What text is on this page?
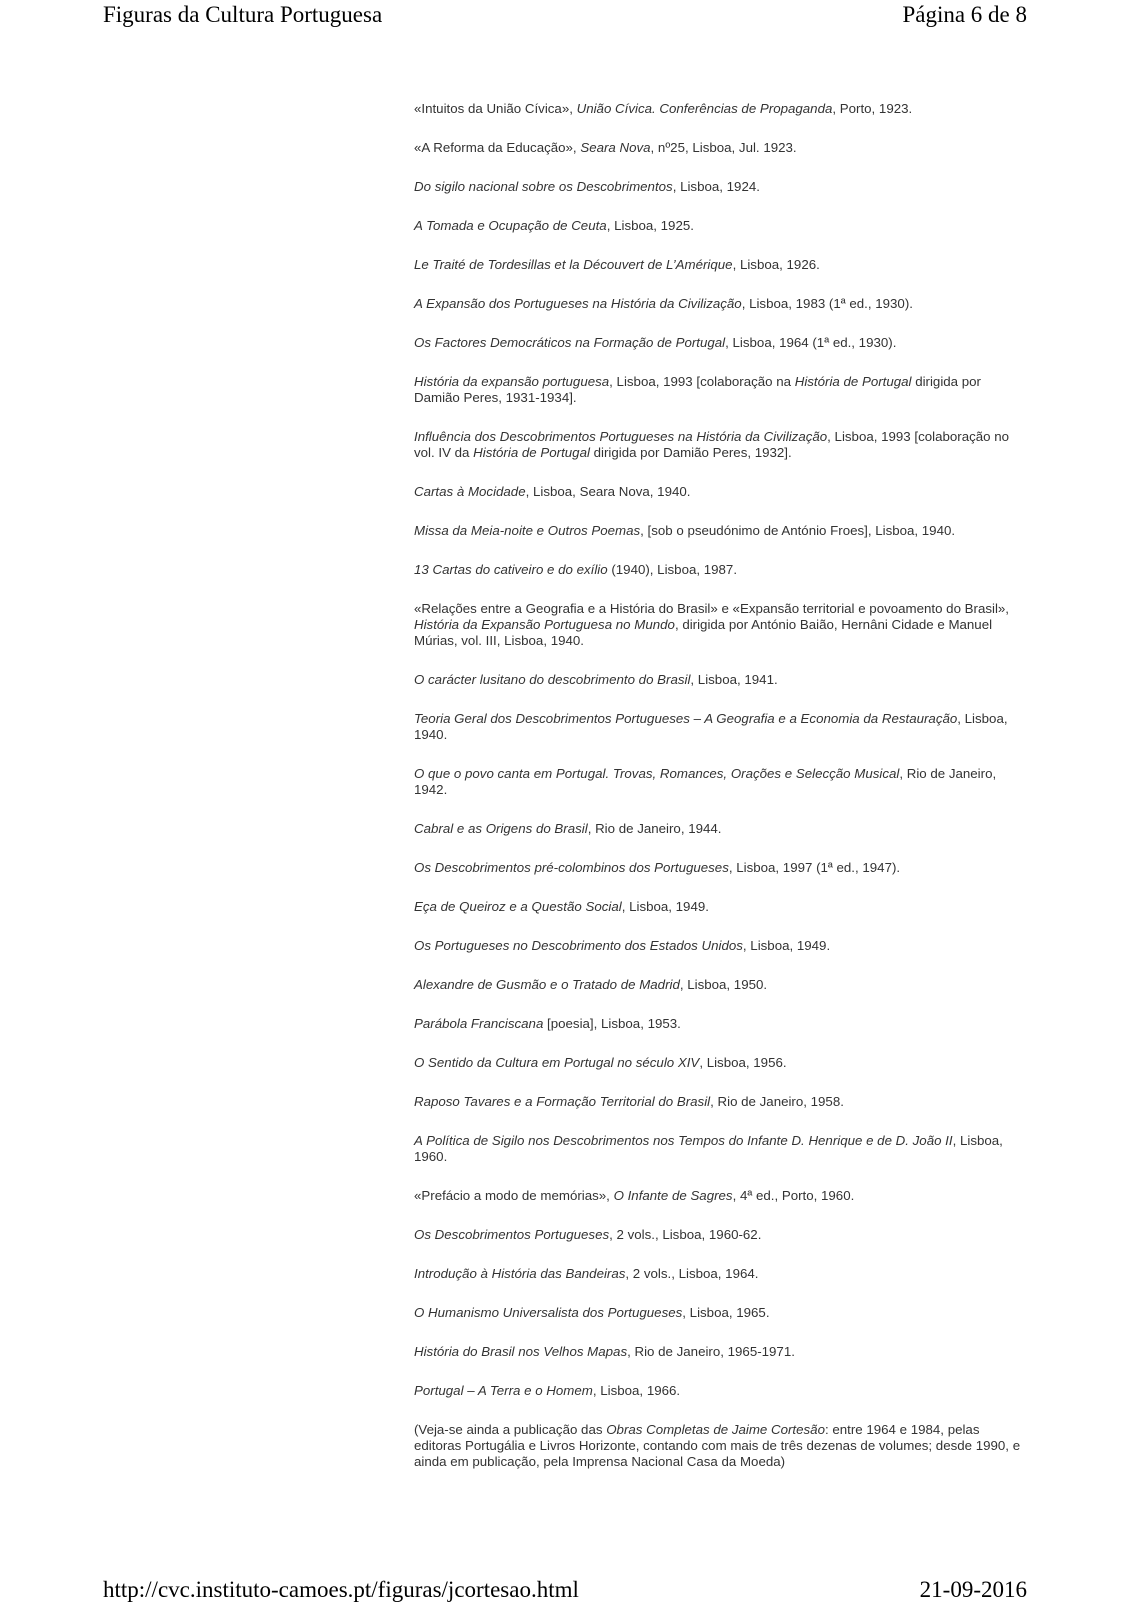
Figuras da Cultura Portuguesa	Página 6 de 8

«Intuitos da União Cívica», União Cívica. Conferências de Propaganda, Porto, 1923.

«A Reforma da Educação», Seara Nova, nº25, Lisboa, Jul. 1923.

Do sigilo nacional sobre os Descobrimentos, Lisboa, 1924.

A Tomada e Ocupação de Ceuta, Lisboa, 1925.

Le Traité de Tordesillas et la Découvert de L’Amérique, Lisboa, 1926.

A Expansão dos Portugueses na História da Civilização, Lisboa, 1983 (1ª ed., 1930).

Os Factores Democráticos na Formação de Portugal, Lisboa, 1964 (1ª ed., 1930).

História da expansão portuguesa, Lisboa, 1993 [colaboração na História de Portugal dirigida por Damião Peres, 1931-1934].

Influência dos Descobrimentos Portugueses na História da Civilização, Lisboa, 1993 [colaboração no vol. IV da História de Portugal dirigida por Damião Peres, 1932].

Cartas à Mocidade, Lisboa, Seara Nova, 1940.

Missa da Meia-noite e Outros Poemas, [sob o pseudónimo de António Froes], Lisboa, 1940.

13 Cartas do cativeiro e do exílio (1940), Lisboa, 1987.

«Relações entre a Geografia e a História do Brasil» e «Expansão territorial e povoamento do Brasil», História da Expansão Portuguesa no Mundo, dirigida por António Baião, Hernâni Cidade e Manuel Múrias, vol. III, Lisboa, 1940.

O carácter lusitano do descobrimento do Brasil, Lisboa, 1941.

Teoria Geral dos Descobrimentos Portugueses – A Geografia e a Economia da Restauração, Lisboa, 1940.

O que o povo canta em Portugal. Trovas, Romances, Orações e Selecção Musical, Rio de Janeiro, 1942.

Cabral e as Origens do Brasil, Rio de Janeiro, 1944.

Os Descobrimentos pré-colombinos dos Portugueses, Lisboa, 1997 (1ª ed., 1947).

Eça de Queiroz e a Questão Social, Lisboa, 1949.

Os Portugueses no Descobrimento dos Estados Unidos, Lisboa, 1949.

Alexandre de Gusmão e o Tratado de Madrid, Lisboa, 1950.

Parábola Franciscana [poesia], Lisboa, 1953.

O Sentido da Cultura em Portugal no século XIV, Lisboa, 1956.

Raposo Tavares e a Formação Territorial do Brasil, Rio de Janeiro, 1958.

A Política de Sigilo nos Descobrimentos nos Tempos do Infante D. Henrique e de D. João II, Lisboa, 1960.

«Prefácio a modo de memórias», O Infante de Sagres, 4ª ed., Porto, 1960.

Os Descobrimentos Portugueses, 2 vols., Lisboa, 1960-62.

Introdução à História das Bandeiras, 2 vols., Lisboa, 1964.

O Humanismo Universalista dos Portugueses, Lisboa, 1965.

História do Brasil nos Velhos Mapas, Rio de Janeiro, 1965-1971.

Portugal – A Terra e o Homem, Lisboa, 1966.

(Veja-se ainda a publicação das Obras Completas de Jaime Cortesão: entre 1964 e 1984, pelas editoras Portugália e Livros Horizonte, contando com mais de três dezenas de volumes; desde 1990, e ainda em publicação, pela Imprensa Nacional Casa da Moeda)

http://cvc.instituto-camoes.pt/figuras/jcortesao.html	21-09-2016
